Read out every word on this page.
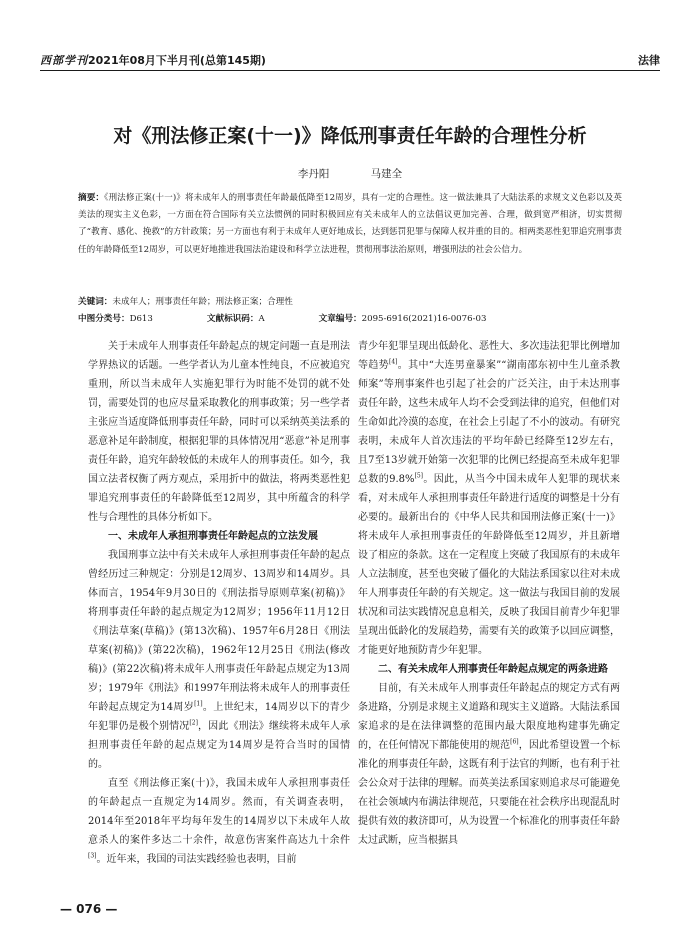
西部学刊 2021年08月下半月刊(总第145期)	法律
对《刑法修正案(十一)》降低刑事责任年龄的合理性分析
李丹阳	马建全
摘要：《刑法修正案(十一)》将未成年人的刑事责任年龄最低降至12周岁，具有一定的合理性。这一做法兼具了大陆法系的求规文义色彩以及英美法的现实主义色彩，一方面在符合国际有关立法惯例的同时积极回应有关未成年人的立法倡议更加完善、合理，做到宽严相济，切实贯彻了“教育、感化、挽救”的方针政策；另一方面也有利于未成年人更好地成长，达到惩罚犯罪与保障人权并重的目的。相两类恶性犯罪追究刑事责任的年龄降低至12周岁，可以更好地推进我国法治建设和科学立法进程，贯彻刑事法治原则，增强刑法的社会公信力。
关键词：未成年人；刑事责任年龄；刑法修正案；合理性
中图分类号：D613	文献标识码：A	文章编号：2095-6916(2021)16-0076-03

关于未成年人刑事责任年龄起点的规定问题一直是刑法学界热议的话题。一些学者认为儿童本性纯良，不应被追究重刑，所以当未成年人实施犯罪行为时能不处罚的就不处罚，需要处罚的也应尽量采取教化的刑事政策；另一些学者主张应当适度降低刑事责任年龄，同时可以采纳英美法系的恶意补足年龄制度，根据犯罪的具体情况用“恶意”补足刑事责任年龄，追究年龄较低的未成年人的刑事责任。如今，我国立法者权衡了两方观点，采用折中的做法，将两类恶性犯罪追究刑事责任的年龄降低至12周岁，其中所蕴含的科学性与合理性的具体分析如下。

一、未成年人承担刑事责任年龄起点的立法发展

我国刑事立法中有关未成年人承担刑事责任年龄的起点曾经历过三种规定：分别是12周岁、13周岁和14周岁。具体而言，1954年9月30日的《刑法指导原则草案(初稿)》将刑事责任年龄的起点规定为12周岁；1956年11月12日《刑法草案(草稿)》(第13次稿)、1957年6月28日《刑法草案(初稿)》(第22次稿)，1962年12月25日《刑法(修改稿)》(第22次稿)将未成年人刑事责任年龄起点规定为13周岁；1979年《刑法》和1997年刑法将未成年人的刑事责任年龄起点规定为14周岁[1]。上世纪末，14周岁以下的青少年犯罪仍是极个别情况[2]，因此《刑法》继续将未成年人承担刑事责任年龄的起点规定为14周岁是符合当时的国情的。

直至《刑法修正案(十)》，我国未成年人承担刑事责任的年龄起点一直规定为14周岁。然而，有关调查表明，2014年至2018年平均每年发生的14周岁以下未成年人故意杀人的案件多达二十余件，故意伤害案件高达九十余件[3]。近年来，我国的司法实践经验也表明，目前

青少年犯罪呈现出低龄化、恶性大、多次违法犯罪比例增加等趋势[4]。其中“大连男童暴案”“湖南邵东初中生儿童杀教师案”等刑事案件也引起了社会的广泛关注，由于未达刑事责任年龄，这些未成年人均不会受到法律的追究，但他们对生命如此冷漠的态度，在社会上引起了不小的波动。有研究表明，未成年人首次违法的平均年龄已经降至12岁左右，且7至13岁就开始第一次犯罪的比例已经提高至未成年犯罪总数的9.8%[5]。因此，从当今中国未成年人犯罪的现状来看，对未成年人承担刑事责任年龄进行适度的调整是十分有必要的。最新出台的《中华人民共和国刑法修正案(十一)》将未成年人承担刑事责任的年龄降低至12周岁，并且新增设了相应的条款。这在一定程度上突破了我国原有的未成年人立法制度，甚至也突破了僵化的大陆法系国家以往对未成年人刑事责任年龄的有关规定。这一做法与我国目前的发展状况和司法实践情况息息相关，反映了我国目前青少年犯罪呈现出低龄化的发展趋势，需要有关的政策予以回应调整，才能更好地预防青少年犯罪。

二、有关未成年人刑事责任年龄起点规定的两条进路

目前，有关未成年人刑事责任年龄起点的规定方式有两条进路，分别是求规主义道路和现实主义道路。大陆法系国家追求的是在法律调整的范围内最大限度地构建事先确定的，在任何情况下都能使用的规范[6]，因此希望设置一个标准化的刑事责任年龄，这既有利于法官的判断，也有利于社会公众对于法律的理解。而英美法系国家则追求尽可能避免在社会领域内布满法律规范，只要能在社会秩序出现混乱时提供有效的救济即可，从为设置一个标准化的刑事责任年龄太过武断，应当根据具

— 076 —
